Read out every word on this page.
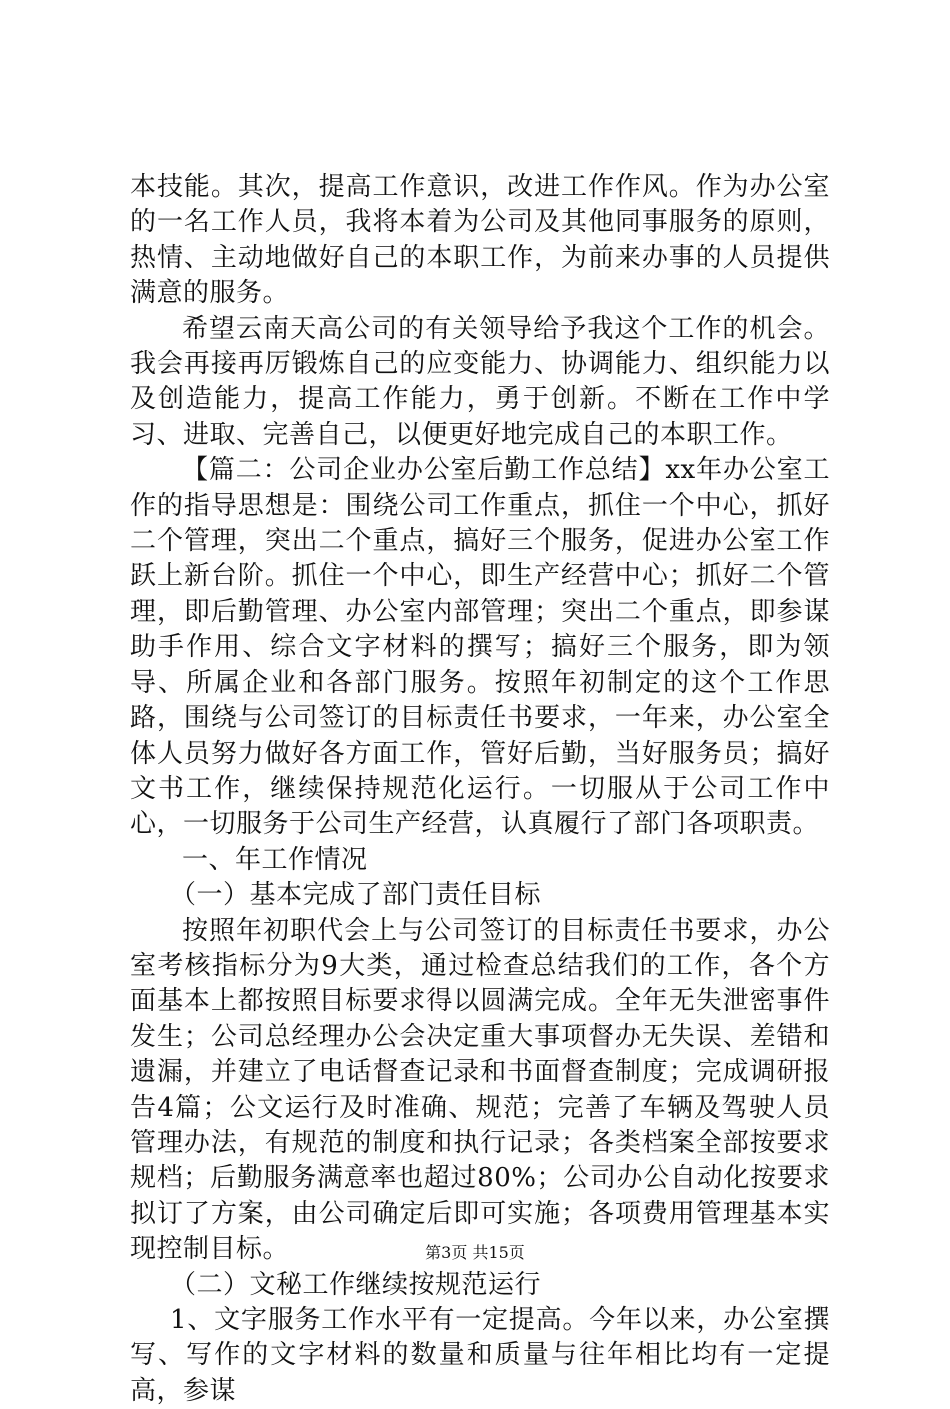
本技能。其次，提高工作意识，改进工作作风。作为办公室的一名工作人员，我将本着为公司及其他同事服务的原则，热情、主动地做好自己的本职工作，为前来办事的人员提供满意的服务。

希望云南天高公司的有关领导给予我这个工作的机会。我会再接再厉锻炼自己的应变能力、协调能力、组织能力以及创造能力，提高工作能力，勇于创新。不断在工作中学习、进取、完善自己，以便更好地完成自己的本职工作。

【篇二：公司企业办公室后勤工作总结】xx年办公室工作的指导思想是：围绕公司工作重点，抓住一个中心，抓好二个管理，突出二个重点，搞好三个服务，促进办公室工作跃上新台阶。抓住一个中心，即生产经营中心；抓好二个管理，即后勤管理、办公室内部管理；突出二个重点，即参谋助手作用、综合文字材料的撰写；搞好三个服务，即为领导、所属企业和各部门服务。按照年初制定的这个工作思路，围绕与公司签订的目标责任书要求，一年来，办公室全体人员努力做好各方面工作，管好后勤，当好服务员；搞好文书工作，继续保持规范化运行。一切服从于公司工作中心，一切服务于公司生产经营，认真履行了部门各项职责。

一、年工作情况

（一）基本完成了部门责任目标

按照年初职代会上与公司签订的目标责任书要求，办公室考核指标分为9大类，通过检查总结我们的工作，各个方面基本上都按照目标要求得以圆满完成。全年无失泄密事件发生；公司总经理办公会决定重大事项督办无失误、差错和遗漏，并建立了电话督查记录和书面督查制度；完成调研报告4篇；公文运行及时准确、规范；完善了车辆及驾驶人员管理办法，有规范的制度和执行记录；各类档案全部按要求规档；后勤服务满意率也超过80%；公司办公自动化按要求拟订了方案，由公司确定后即可实施；各项费用管理基本实现控制目标。

（二）文秘工作继续按规范运行

1、文字服务工作水平有一定提高。今年以来，办公室撰写、写作的文字材料的数量和质量与往年相比均有一定提高，参谋

第3页 共15页
